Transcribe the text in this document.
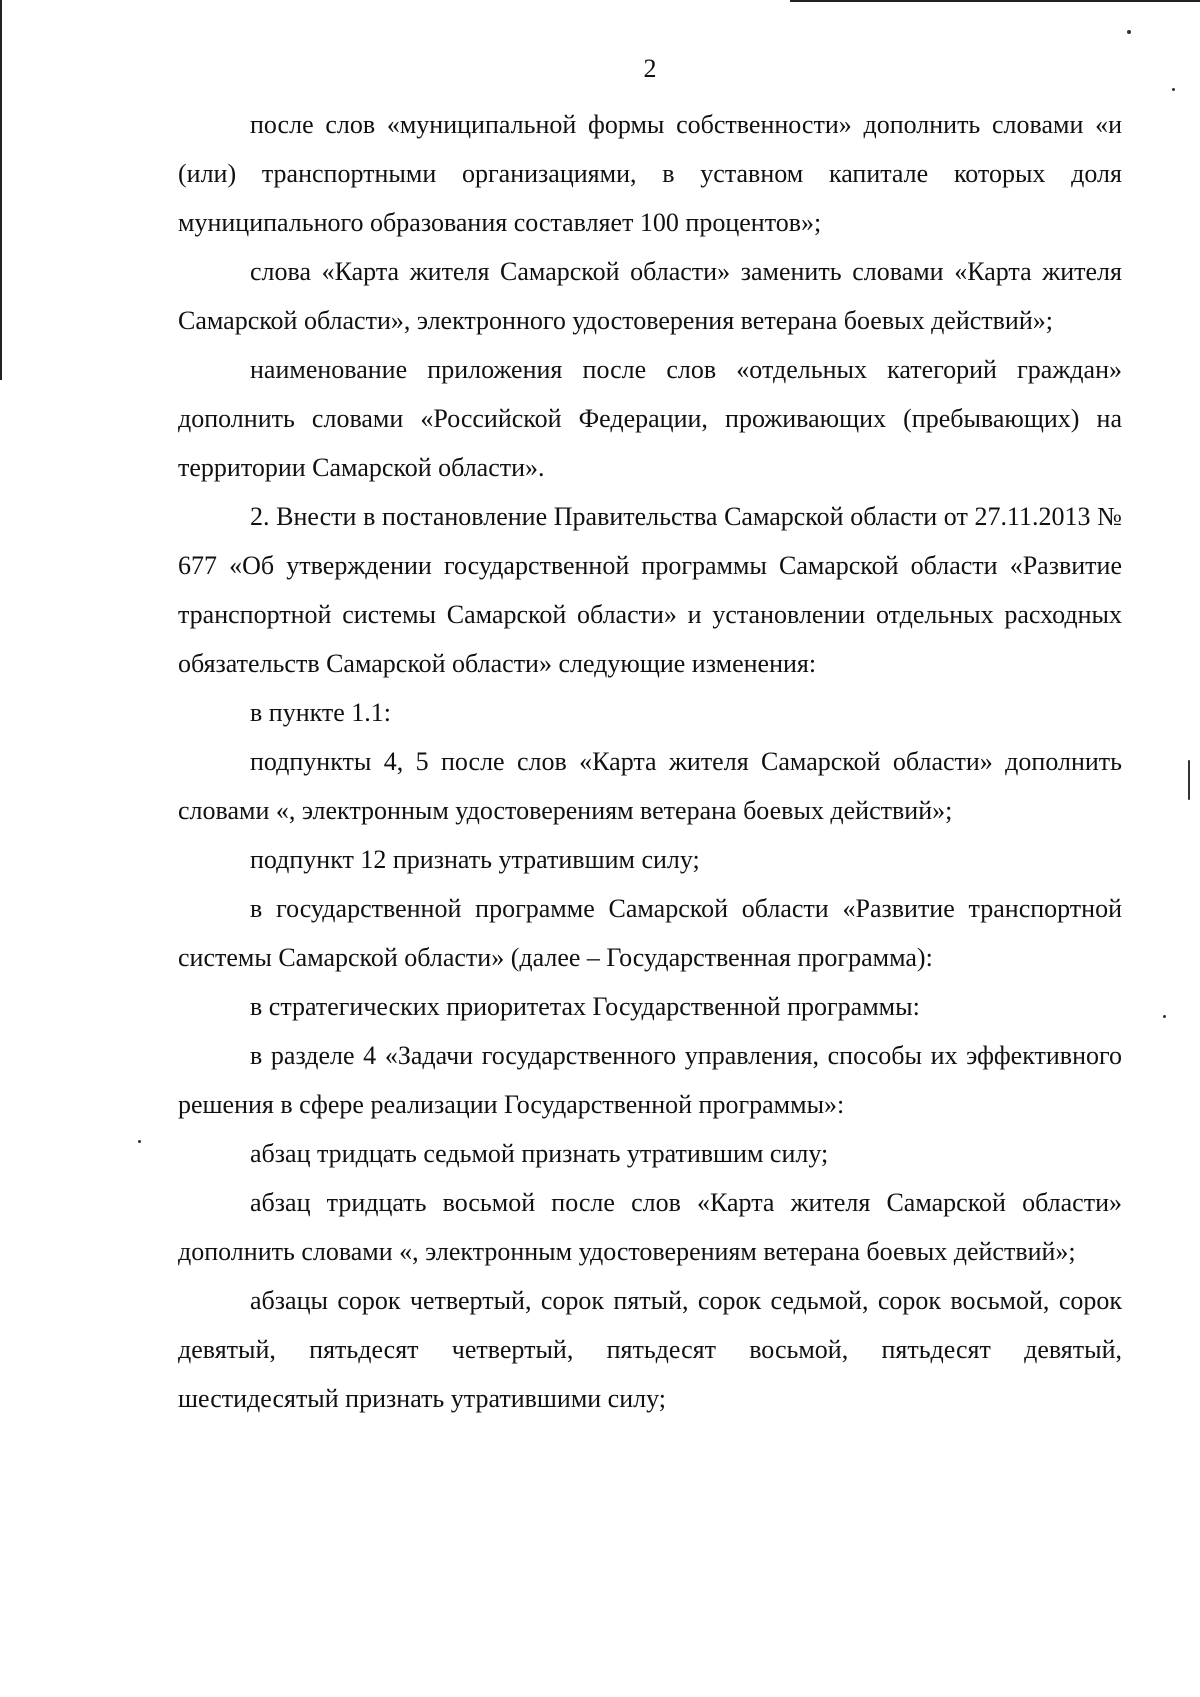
2

после слов «муниципальной формы собственности» дополнить словами «и (или) транспортными организациями, в уставном капитале которых доля муниципального образования составляет 100 процентов»;

слова «Карта жителя Самарской области» заменить словами «Карта жителя Самарской области», электронного удостоверения ветерана боевых действий»;

наименование приложения после слов «отдельных категорий граждан» дополнить словами «Российской Федерации, проживающих (пребывающих) на территории Самарской области».

2. Внести в постановление Правительства Самарской области от 27.11.2013 № 677 «Об утверждении государственной программы Самарской области «Развитие транспортной системы Самарской области» и установлении отдельных расходных обязательств Самарской области» следующие изменения:

в пункте 1.1:

подпункты 4, 5 после слов «Карта жителя Самарской области» дополнить словами «, электронным удостоверениям ветерана боевых действий»;

подпункт 12 признать утратившим силу;

в государственной программе Самарской области «Развитие транспортной системы Самарской области» (далее – Государственная программа):

в стратегических приоритетах Государственной программы:

в разделе 4 «Задачи государственного управления, способы их эффективного решения в сфере реализации Государственной программы»:

абзац тридцать седьмой признать утратившим силу;

абзац тридцать восьмой после слов «Карта жителя Самарской области» дополнить словами «, электронным удостоверениям ветерана боевых действий»;

абзацы сорок четвертый, сорок пятый, сорок седьмой, сорок восьмой, сорок девятый, пятьдесят четвертый, пятьдесят восьмой, пятьдесят девятый, шестидесятый признать утратившими силу;
